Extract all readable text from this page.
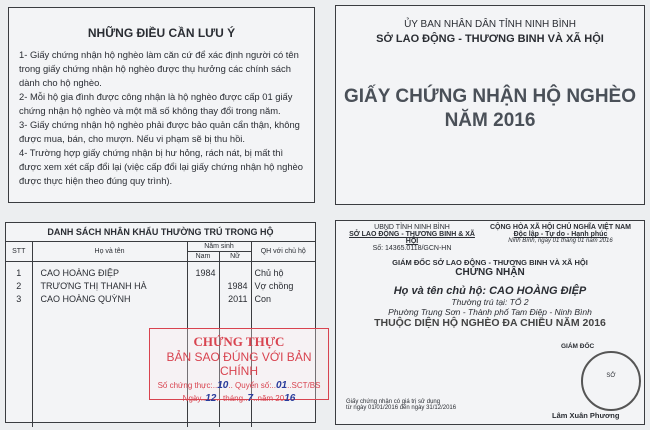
NHỮNG ĐIỀU CẦN LƯU Ý

1- Giấy chứng nhận hộ nghèo làm căn cứ để xác định người có tên trong giấy chứng nhận hộ nghèo được thụ hưởng các chính sách dành cho hộ nghèo.

2- Mỗi hộ gia đình được công nhận là hộ nghèo được cấp 01 giấy chứng nhận hộ nghèo và một mã số không thay đổi trong năm.

3- Giấy chứng nhận hộ nghèo phải được bảo quản cẩn thận, không được mua, bán, cho mượn. Nếu vi phạm sẽ bị thu hồi.

4- Trường hợp giấy chứng nhận bị hư hỏng, rách nát, bị mất thì được xem xét cấp đổi lại (việc cấp đổi lại giấy chứng nhận hộ nghèo được thực hiện theo đúng quy trình).

ỦY BAN NHÂN DÂN TỈNH NINH BÌNH
SỞ LAO ĐỘNG - THƯƠNG BINH VÀ XÃ HỘI
GIẤY CHỨNG NHẬN HỘ NGHÈO
NĂM 2016
DANH SÁCH NHÂN KHẨU THƯỜNG TRÚ TRONG HỘ
STT	Họ và tên	Năm sinh		QH với chủ hộ
		Nam	Nữ	
1	CAO HOÀNG ĐIỆP	1984		Chủ hộ
2	TRƯƠNG THỊ THANH HÀ		1984	Vợ chồng
3	CAO HOÀNG QUỲNH		2011	Con

CHỨNG THỰC
BẢN SAO ĐÚNG VỚI BẢN CHÍNH
Số chứng thực:..10.. Quyển số:..01..SCT/BS
Ngày..12.. tháng..7..năm 2016
UBND TỈNH NINH BÌNH
SỞ LAO ĐỘNG - THƯƠNG BINH & XÃ HỘI
Số: 14365.0118/GCN-HN
CỘNG HÒA XÃ HỘI CHỦ NGHĨA VIỆT NAM
Độc lập - Tự do - Hạnh phúc
Ninh Bình, ngày 01 tháng 01 năm 2016
GIÁM ĐỐC SỞ LAO ĐỘNG - THƯƠNG BINH VÀ XÃ HỘI
CHỨNG NHẬN
Họ và tên chủ hộ: CAO HOÀNG ĐIỆP
Thường trú tại: TỔ 2
Phường Trung Sơn - Thành phố Tam Điệp - Ninh Bình
THUỘC DIỆN HỘ NGHÈO ĐA CHIỀU NĂM 2016
GIÁM ĐỐC
SỞ
Giấy chứng nhận có giá trị sử dụng
từ ngày 01/01/2016 đến ngày 31/12/2016
Lâm Xuân Phương
